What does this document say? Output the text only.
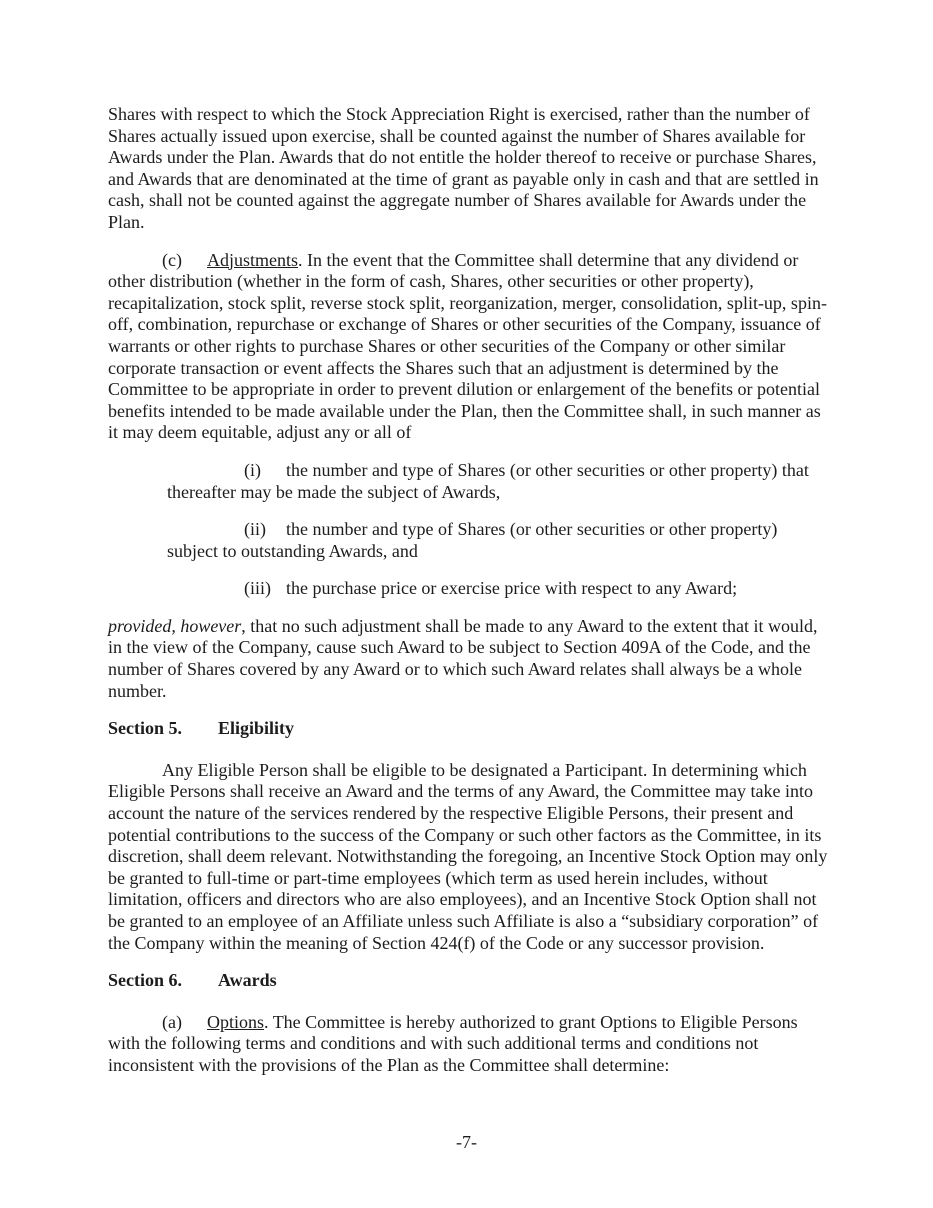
Shares with respect to which the Stock Appreciation Right is exercised, rather than the number of Shares actually issued upon exercise, shall be counted against the number of Shares available for Awards under the Plan. Awards that do not entitle the holder thereof to receive or purchase Shares, and Awards that are denominated at the time of grant as payable only in cash and that are settled in cash, shall not be counted against the aggregate number of Shares available for Awards under the Plan.

(c) Adjustments. In the event that the Committee shall determine that any dividend or other distribution (whether in the form of cash, Shares, other securities or other property), recapitalization, stock split, reverse stock split, reorganization, merger, consolidation, split-up, spin-off, combination, repurchase or exchange of Shares or other securities of the Company, issuance of warrants or other rights to purchase Shares or other securities of the Company or other similar corporate transaction or event affects the Shares such that an adjustment is determined by the Committee to be appropriate in order to prevent dilution or enlargement of the benefits or potential benefits intended to be made available under the Plan, then the Committee shall, in such manner as it may deem equitable, adjust any or all of

(i) the number and type of Shares (or other securities or other property) that thereafter may be made the subject of Awards,

(ii) the number and type of Shares (or other securities or other property) subject to outstanding Awards, and

(iii) the purchase price or exercise price with respect to any Award;

provided, however, that no such adjustment shall be made to any Award to the extent that it would, in the view of the Company, cause such Award to be subject to Section 409A of the Code, and the number of Shares covered by any Award or to which such Award relates shall always be a whole number.

Section 5. Eligibility

Any Eligible Person shall be eligible to be designated a Participant. In determining which Eligible Persons shall receive an Award and the terms of any Award, the Committee may take into account the nature of the services rendered by the respective Eligible Persons, their present and potential contributions to the success of the Company or such other factors as the Committee, in its discretion, shall deem relevant. Notwithstanding the foregoing, an Incentive Stock Option may only be granted to full-time or part-time employees (which term as used herein includes, without limitation, officers and directors who are also employees), and an Incentive Stock Option shall not be granted to an employee of an Affiliate unless such Affiliate is also a “subsidiary corporation” of the Company within the meaning of Section 424(f) of the Code or any successor provision.

Section 6. Awards

(a) Options. The Committee is hereby authorized to grant Options to Eligible Persons with the following terms and conditions and with such additional terms and conditions not inconsistent with the provisions of the Plan as the Committee shall determine:

-7-
